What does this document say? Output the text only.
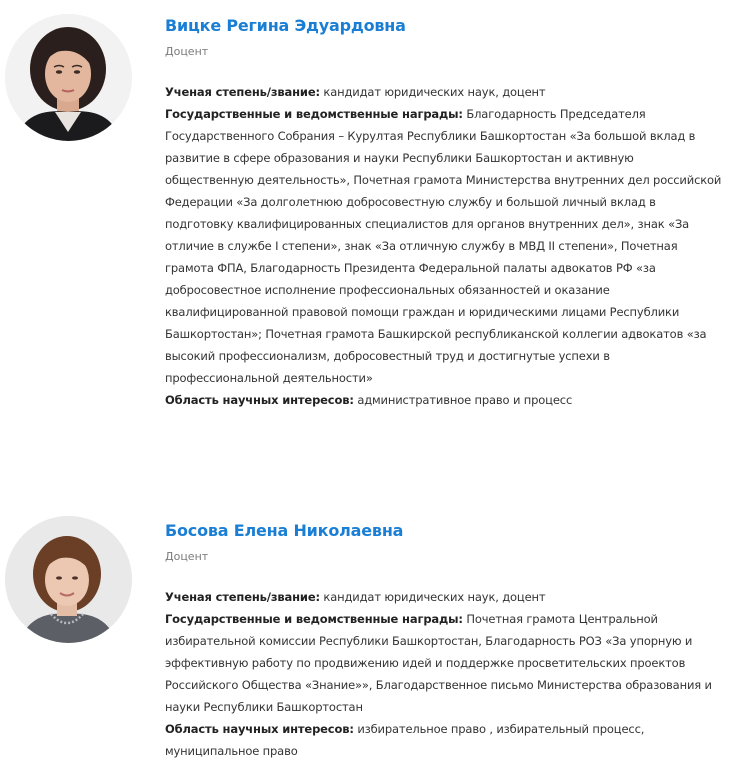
Вицке Регина Эдуардовна
Доцент

Ученая степень/звание: кандидат юридических наук, доцент

Государственные и ведомственные награды: Благодарность Председателя Государственного Собрания – Курултая Республики Башкортостан «За большой вклад в развитие в сфере образования и науки Республики Башкортостан и активную общественную деятельность», Почетная грамота Министерства внутренних дел российской Федерации «За долголетнюю добросовестную службу и большой личный вклад в подготовку квалифицированных специалистов для органов внутренних дел», знак «За отличие в службе I степени», знак «За отличную службу в МВД II степени», Почетная грамота ФПА, Благодарность Президента Федеральной палаты адвокатов РФ «за добросовестное исполнение профессиональных обязанностей и оказание квалифицированной правовой помощи граждан и юридическими лицами Республики Башкортостан»; Почетная грамота Башкирской республиканской коллегии адвокатов «за высокий профессионализм, добросовестный труд и достигнутые успехи в профессиональной деятельности»

Область научных интересов: административное право и процесс

Босова Елена Николаевна
Доцент

Ученая степень/звание: кандидат юридических наук, доцент

Государственные и ведомственные награды: Почетная грамота Центральной избирательной комиссии Республики Башкортостан, Благодарность РОЗ «За упорную и эффективную работу по продвижению идей и поддержке просветительских проектов Российского Общества «Знание»», Благодарственное письмо Министерства образования и науки Республики Башкортостан

Область научных интересов: избирательное право , избирательный процесс, муниципальное право
